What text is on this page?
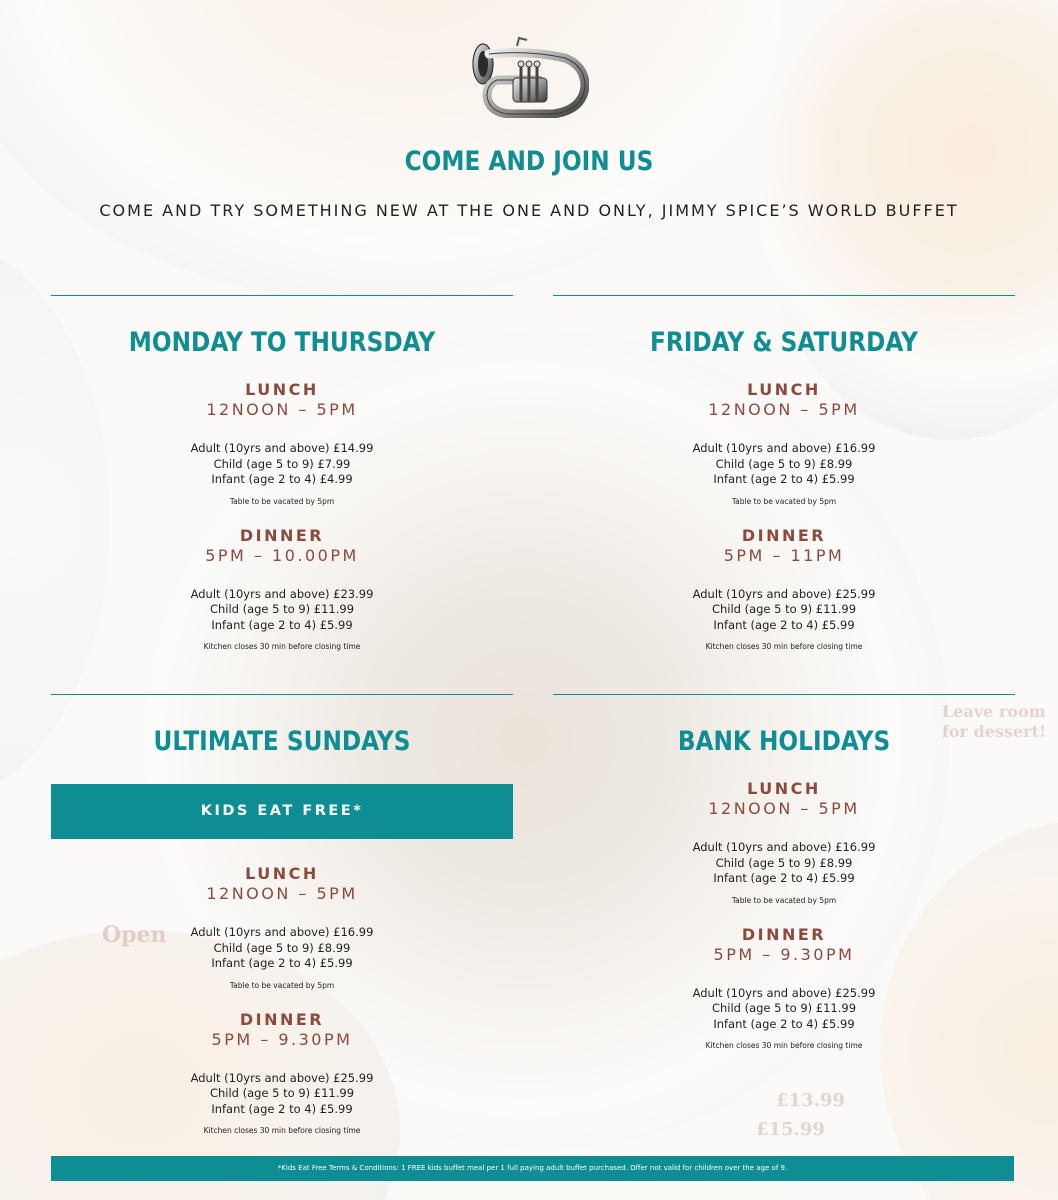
Leave room
for dessert!
Open
£13.99
£15.99
COME AND JOIN US
COME AND TRY SOMETHING NEW AT THE ONE AND ONLY, JIMMY SPICE’S WORLD BUFFET
MONDAY TO THURSDAY
LUNCH
12NOON – 5PM
Adult (10yrs and above) £14.99
Child (age 5 to 9) £7.99
Infant (age 2 to 4) £4.99
Table to be vacated by 5pm
DINNER
5PM – 10.00PM
Adult (10yrs and above) £23.99
Child (age 5 to 9) £11.99
Infant (age 2 to 4) £5.99
Kitchen closes 30 min before closing time
FRIDAY & SATURDAY
LUNCH
12NOON – 5PM
Adult (10yrs and above) £16.99
Child (age 5 to 9) £8.99
Infant (age 2 to 4) £5.99
Table to be vacated by 5pm
DINNER
5PM – 11PM
Adult (10yrs and above) £25.99
Child (age 5 to 9) £11.99
Infant (age 2 to 4) £5.99
Kitchen closes 30 min before closing time
ULTIMATE SUNDAYS
KIDS EAT FREE*
LUNCH
12NOON – 5PM
Adult (10yrs and above) £16.99
Child (age 5 to 9) £8.99
Infant (age 2 to 4) £5.99
Table to be vacated by 5pm
DINNER
5PM – 9.30PM
Adult (10yrs and above) £25.99
Child (age 5 to 9) £11.99
Infant (age 2 to 4) £5.99
Kitchen closes 30 min before closing time
BANK HOLIDAYS
LUNCH
12NOON – 5PM
Adult (10yrs and above) £16.99
Child (age 5 to 9) £8.99
Infant (age 2 to 4) £5.99
Table to be vacated by 5pm
DINNER
5PM – 9.30PM
Adult (10yrs and above) £25.99
Child (age 5 to 9) £11.99
Infant (age 2 to 4) £5.99
Kitchen closes 30 min before closing time
*Kids Eat Free Terms & Conditions: 1 FREE kids buffet meal per 1 full paying adult buffet purchased. Offer not valid for children over the age of 9.
